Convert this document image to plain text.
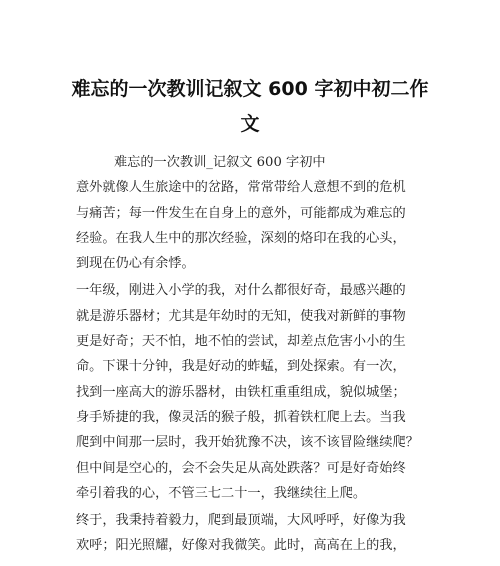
难忘的一次教训记叙文 600 字初中初二作
文
难忘的一次教训_记叙文 600 字初中
意外就像人生旅途中的岔路，常常带给人意想不到的危机
与痛苦；每一件发生在自身上的意外，可能都成为难忘的
经验。在我人生中的那次经验，深刻的烙印在我的心头，
到现在仍心有余悸。
一年级，刚进入小学的我，对什么都很好奇，最感兴趣的
就是游乐器材；尤其是年幼时的无知，使我对新鲜的事物
更是好奇；天不怕，地不怕的尝试，却差点危害小小的生
命。下课十分钟，我是好动的蚱蜢，到处探索。有一次，
找到一座高大的游乐器材，由铁杠重重组成，貌似城堡；
身手矫捷的我，像灵活的猴子般，抓着铁杠爬上去。当我
爬到中间那一层时，我开始犹豫不决，该不该冒险继续爬？
但中间是空心的，会不会失足从高处跌落？可是好奇始终
牵引着我的心，不管三七二十一，我继续往上爬。
终于，我秉持着毅力，爬到最顶端，大风呼呼，好像为我
欢呼；阳光照耀，好像对我微笑。此时，高高在上的我，
